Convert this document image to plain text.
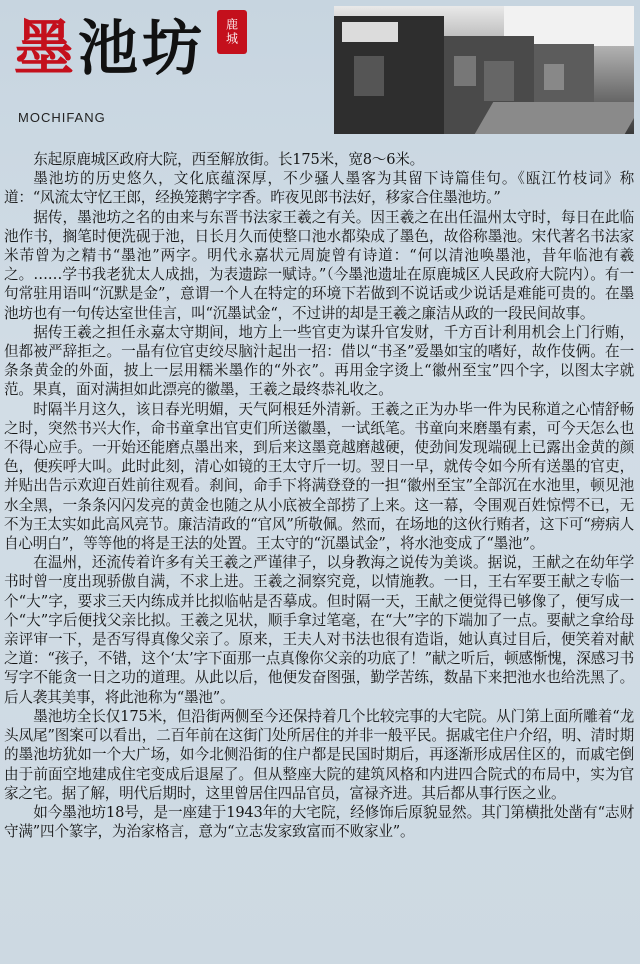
墨池坊	鹿城
MOCHIFANG

东起原鹿城区政府大院，西至解放街。长175米，宽8～6米。

墨池坊的历史悠久，文化底蕴深厚，不少骚人墨客为其留下诗篇佳句。《瓯江竹枝词》称道：“风流太守忆王郎，经换笼鹅字字香。昨夜见郎书法好，移家合住墨池坊。”

据传，墨池坊之名的由来与东晋书法家王羲之有关。因王羲之在出任温州太守时，每日在此临池作书，搁笔时便洗砚于池，日长月久而使整口池水都染成了墨色，故俗称墨池。宋代著名书法家米芾曾为之精书“墨池”两字。明代永嘉状元周旋曾有诗道：“何以清池唤墨池，昔年临池有羲之。……学书我老犹太人成拙，为表遗踪一赋诗。”（今墨池遗址在原鹿城区人民政府大院内）。有一句常驻用语叫“沉默是金”，意谓一个人在特定的环境下若做到不说话或少说话是难能可贵的。在墨池坊也有一句传达室世佳言，叫“沉墨试金“，不过讲的却是王羲之廉洁从政的一段民间故事。

据传王羲之担任永嘉太守期间，地方上一些官吏为谋升官发财，千方百计利用机会上门行贿，但都被严辞拒之。一晶有位官吏绞尽脑汁起出一招：借以“书圣”爱墨如宝的嗜好，故作伎俩。在一条条黄金的外面，披上一层用糯米墨作的“外衣”。再用金字烫上“徽州至宝”四个字，以图太字就范。果真，面对满担如此漂亮的徽墨，王羲之最终恭礼收之。

时隔半月这久，该日春光明媚，天气阿根廷外清新。王羲之正为办毕一件为民称道之心情舒畅之时，突然书兴大作，命书童拿出官吏们所送徽墨，一试纸笔。书童向来磨墨有素，可今天怎么也不得心应手。一开始还能磨点墨出来，到后来这墨竟越磨越硬，使劲间发现端砚上已露出金黄的颜色，便疾呼大叫。此时此刻，清心如镜的王太守斤一切。翌日一早，就传令如今所有送墨的官吏，并贴出告示欢迎百姓前往观看。刹间，命手下将满登登的一担“徽州至宝”全部沉在水池里，顿见池水全黑，一条条闪闪发亮的黄金也随之从小底被全部捞了上来。这一幕，令围观百姓惊愕不已，无不为王太实如此高风亮节。廉洁清政的“官风”所敬佩。然而，在场地的这伙行贿者，这下可“痨病人自心明白”，等等他的将是王法的处置。王太守的“沉墨试金”，将水池变成了“墨池”。

在温州，还流传着许多有关王羲之严谨律子，以身教海之说传为美谈。据说，王献之在幼年学书时曾一度出现骄傲自满，不求上进。王羲之洞察究竟，以情施教。一日，王右军要王献之专临一个“大”字，要求三天内练成并比拟临帖是否摹成。但时隔一天，王献之便觉得已够像了，便写成一个“大”字后便找父亲比拟。王羲之见状，顺手拿过笔毫，在“大”字的下端加了一点。要献之拿给母亲评审一下，是否写得真像父亲了。原来，王夫人对书法也很有造诣，她认真过目后，便笑着对献之道：“孩子，不错，这个‘太’字下面那一点真像你父亲的功底了！”献之听后，顿感惭愧，深感习书写字不能贪一日之功的道理。从此以后，他便发奋图强，勤学苦练，数晶下来把池水也给洗黑了。后人袭其美事，将此池称为“墨池”。

墨池坊全长仅175米，但沿街两侧至今还保持着几个比较完事的大宅院。从门第上面所雕着“龙头凤尾”图案可以看出，二百年前在这街门处所居住的并非一般平民。据戚宅住户介绍，明、清时期的墨池坊犹如一个大广场，如今北侧沿街的住户都是民国时期后，再逐渐形成居住区的，而戚宅倒由于前面空地建成住宅变成后退屋了。但从整座大院的建筑风格和内进四合院式的布局中，实为官家之宅。据了解，明代后期时，这里曾居住四品官员，富禄齐进。其后都从事行医之业。

如今墨池坊18号，是一座建于1943年的大宅院，经修饰后原貌显然。其门第横批处凿有“志财守满”四个篆字，为治家格言，意为“立志发家致富而不败家业”。
